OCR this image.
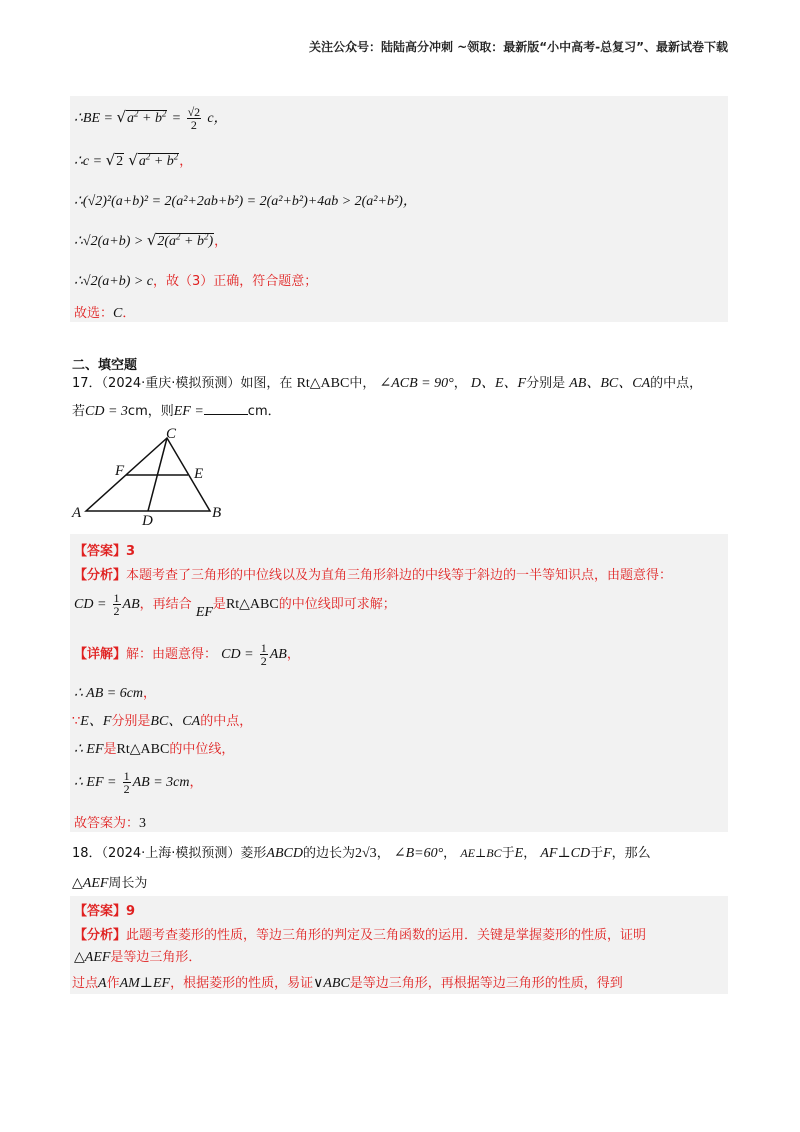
关注公众号：陆陆高分冲刺 ~领取：最新版“小中高考-总复习”、最新试卷下载
∴BE = $√a^2 + b^2 = \frac{√2}{2}$ c，
∴c = √2 $√a^2 + b^2$，
∴(√2)²(a+b)² = 2(a²+2ab+b²) = 2(a²+b²)+4ab > 2(a²+b²)，
∴√2(a+b) > $√2(a^2 + b^2)$，
∴√2(a+b) > c，故（3）正确，符合题意；
故选：C．
二、填空题
17．（2024·重庆·模拟预测）如图，在 Rt△ABC中， ∠ACB = 90°， D、E、F分别是 AB、BC、CA的中点，
若CD = 3cm，则EF =	cm．
C
F	E
A	D	B
【答案】3
【分析】本题考查了三角形的中位线以及为直角三角形斜边的中线等于斜边的一半等知识点，由题意得：
CD = $\frac{1}{2}$ AB，再结合 EF是Rt△ABC的中位线即可求解；
【详解】解：由题意得： CD = $\frac{1}{2}$ AB，
∴ AB = 6cm，
∵E、F分别是BC、CA的中点，
∴ EF是Rt△ABC的中位线，
∴ EF = $\frac{1}{2}$ AB = 3cm，
故答案为：3
18．（2024·上海·模拟预测）菱形ABCD的边长为2√3， ∠B=60°， AE⊥BC于E， AF⊥CD于F，那么
△AEF周长为
【答案】9
【分析】此题考查菱形的性质，等边三角形的判定及三角函数的运用．关键是掌握菱形的性质，证明
△AEF是等边三角形．
过点A作AM⊥EF，根据菱形的性质，易证∨ABC是等边三角形，再根据等边三角形的性质，得到
